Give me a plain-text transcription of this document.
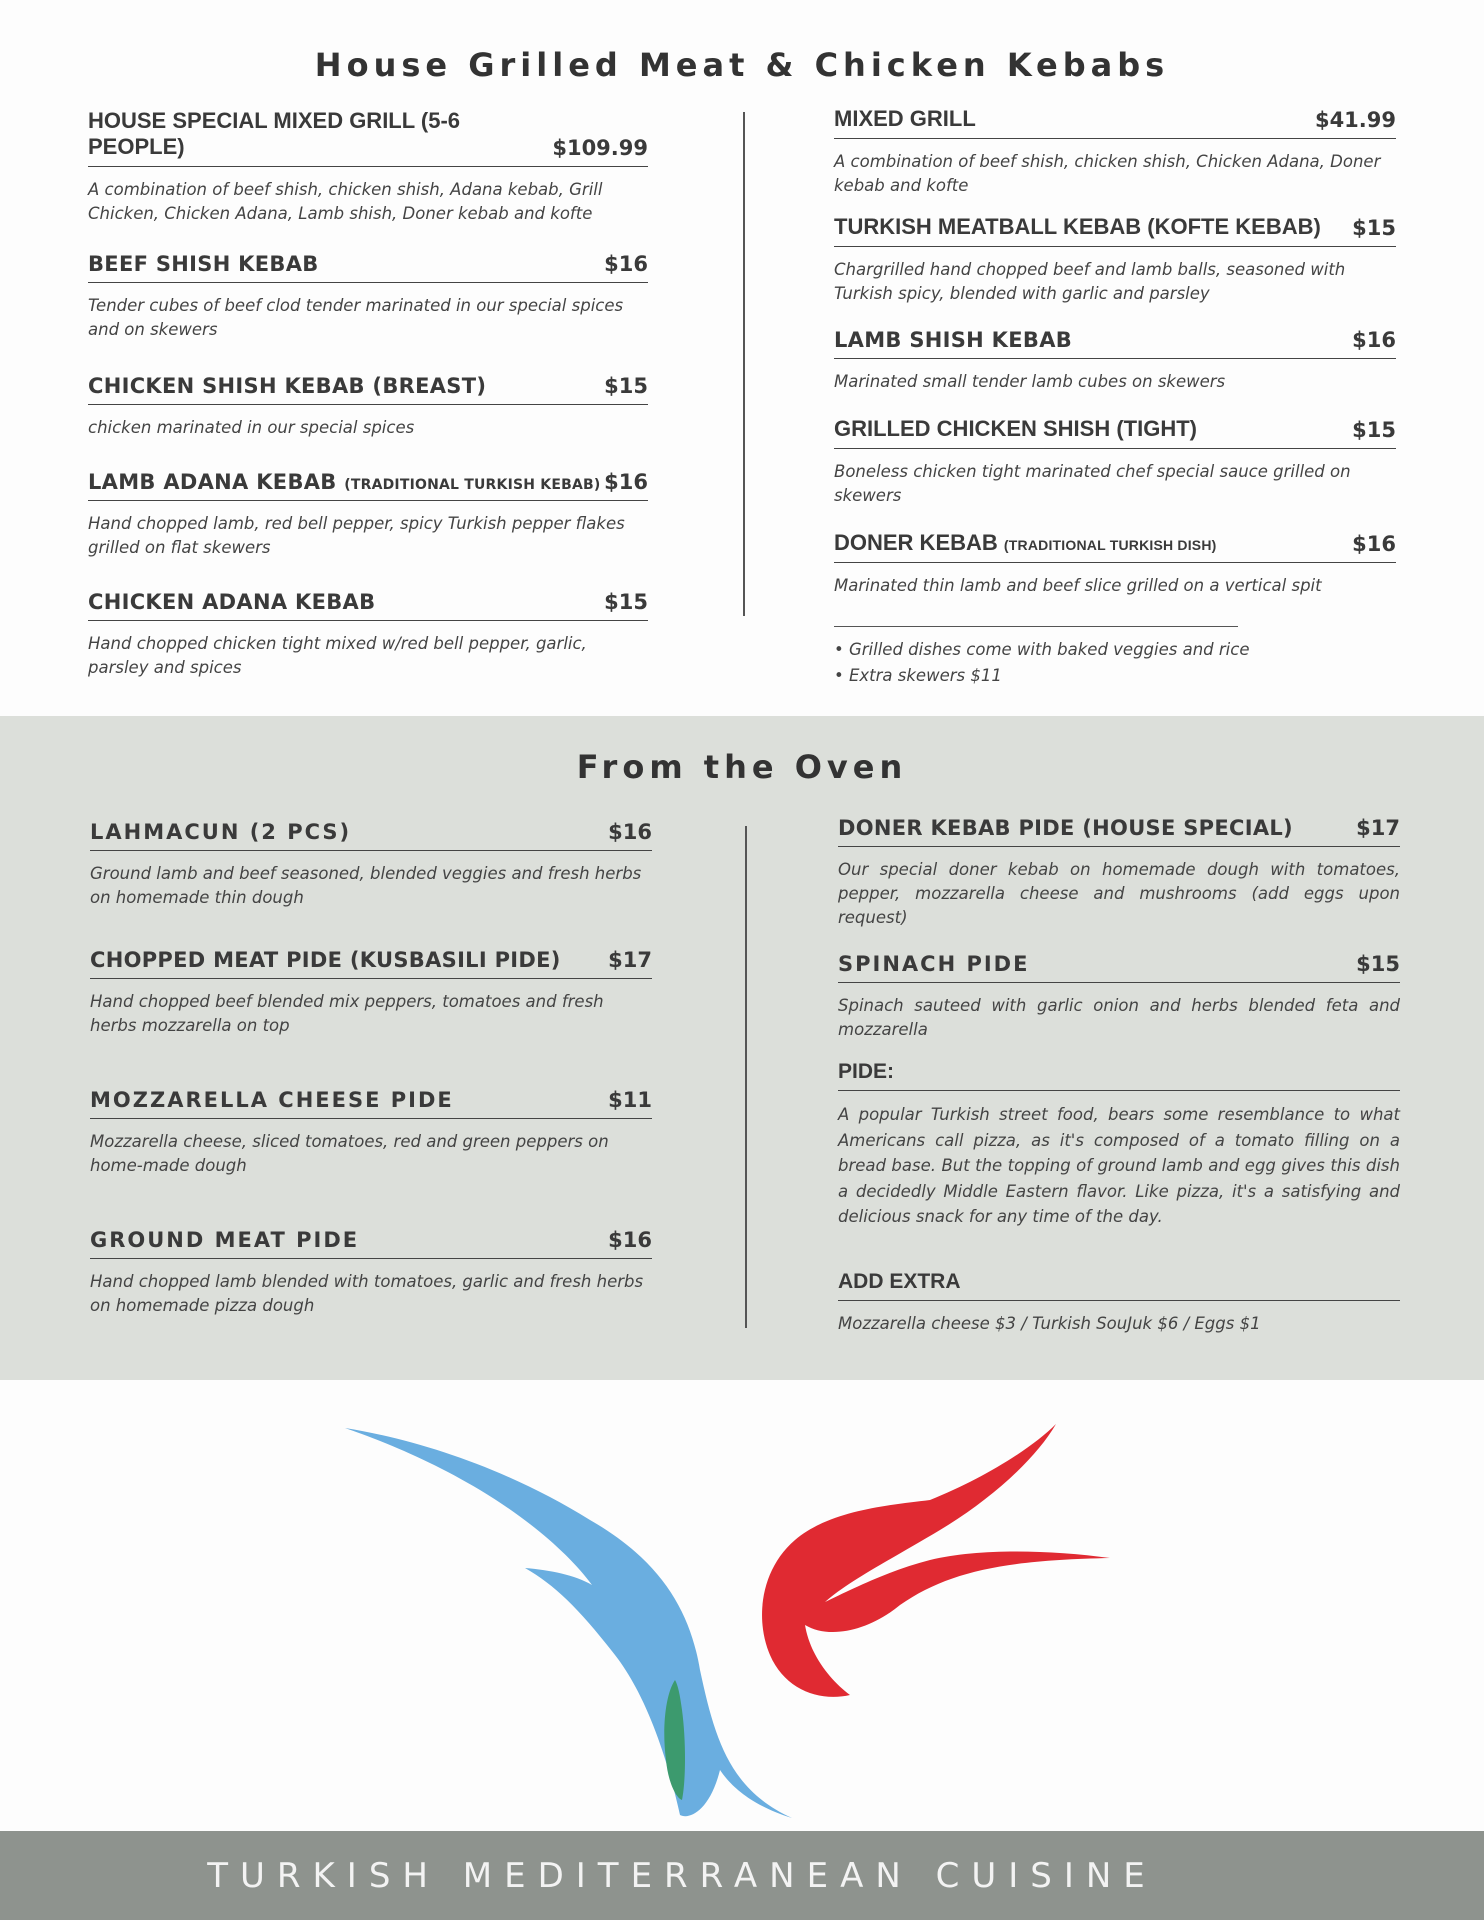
House Grilled Meat & Chicken Kebabs
HOUSE SPECIAL MIXED GRILL (5-6 PEOPLE)	$109.99
A combination of beef shish, chicken shish, Adana kebab, Grill Chicken, Chicken Adana, Lamb shish, Doner kebab and kofte
BEEF SHISH KEBAB	$16
Tender cubes of beef clod tender marinated in our special spices and on skewers
CHICKEN SHISH KEBAB (BREAST)	$15
chicken marinated in our special spices
LAMB ADANA KEBAB (TRADITIONAL TURKISH KEBAB) $16
Hand chopped lamb, red bell pepper, spicy Turkish pepper flakes grilled on flat skewers
CHICKEN ADANA KEBAB	$15
Hand chopped chicken tight mixed w/red bell pepper, garlic, parsley and spices
MIXED GRILL	$41.99
A combination of beef shish, chicken shish, Chicken Adana, Doner kebab and kofte
TURKISH MEATBALL KEBAB (KOFTE KEBAB) $15
Chargrilled hand chopped beef and lamb balls, seasoned with Turkish spicy, blended with garlic and parsley
LAMB SHISH KEBAB	$16
Marinated small tender lamb cubes on skewers
GRILLED CHICKEN SHISH (TIGHT)	$15
Boneless chicken tight marinated chef special sauce grilled on skewers
DONER KEBAB (TRADITIONAL TURKISH DISH)	$16
Marinated thin lamb and beef slice grilled on a vertical spit
• Grilled dishes come with baked veggies and rice
• Extra skewers $11
From the Oven
LAHMACUN (2 PCS)	$16
Ground lamb and beef seasoned, blended veggies and fresh herbs on homemade thin dough
CHOPPED MEAT PIDE (KUSBASILI PIDE) $17
Hand chopped beef blended mix peppers, tomatoes and fresh herbs mozzarella on top
MOZZARELLA CHEESE PIDE	$11
Mozzarella cheese, sliced tomatoes, red and green peppers on home-made dough
GROUND MEAT PIDE	$16
Hand chopped lamb blended with tomatoes, garlic and fresh herbs on homemade pizza dough
DONER KEBAB PIDE (HOUSE SPECIAL)	$17
Our special doner kebab on homemade dough with tomatoes, pepper, mozzarella cheese and mushrooms (add eggs upon request)
SPINACH PIDE	$15
Spinach sauteed with garlic onion and herbs blended feta and mozzarella
PIDE:
A popular Turkish street food, bears some resemblance to what Americans call pizza, as it's composed of a tomato filling on a bread base. But the topping of ground lamb and egg gives this dish a decidedly Middle Eastern flavor. Like pizza, it's a satisfying and delicious snack for any time of the day.
ADD EXTRA
Mozzarella cheese $3 / Turkish SouJuk $6 / Eggs $1
TURKISH MEDITERRANEAN CUISINE
